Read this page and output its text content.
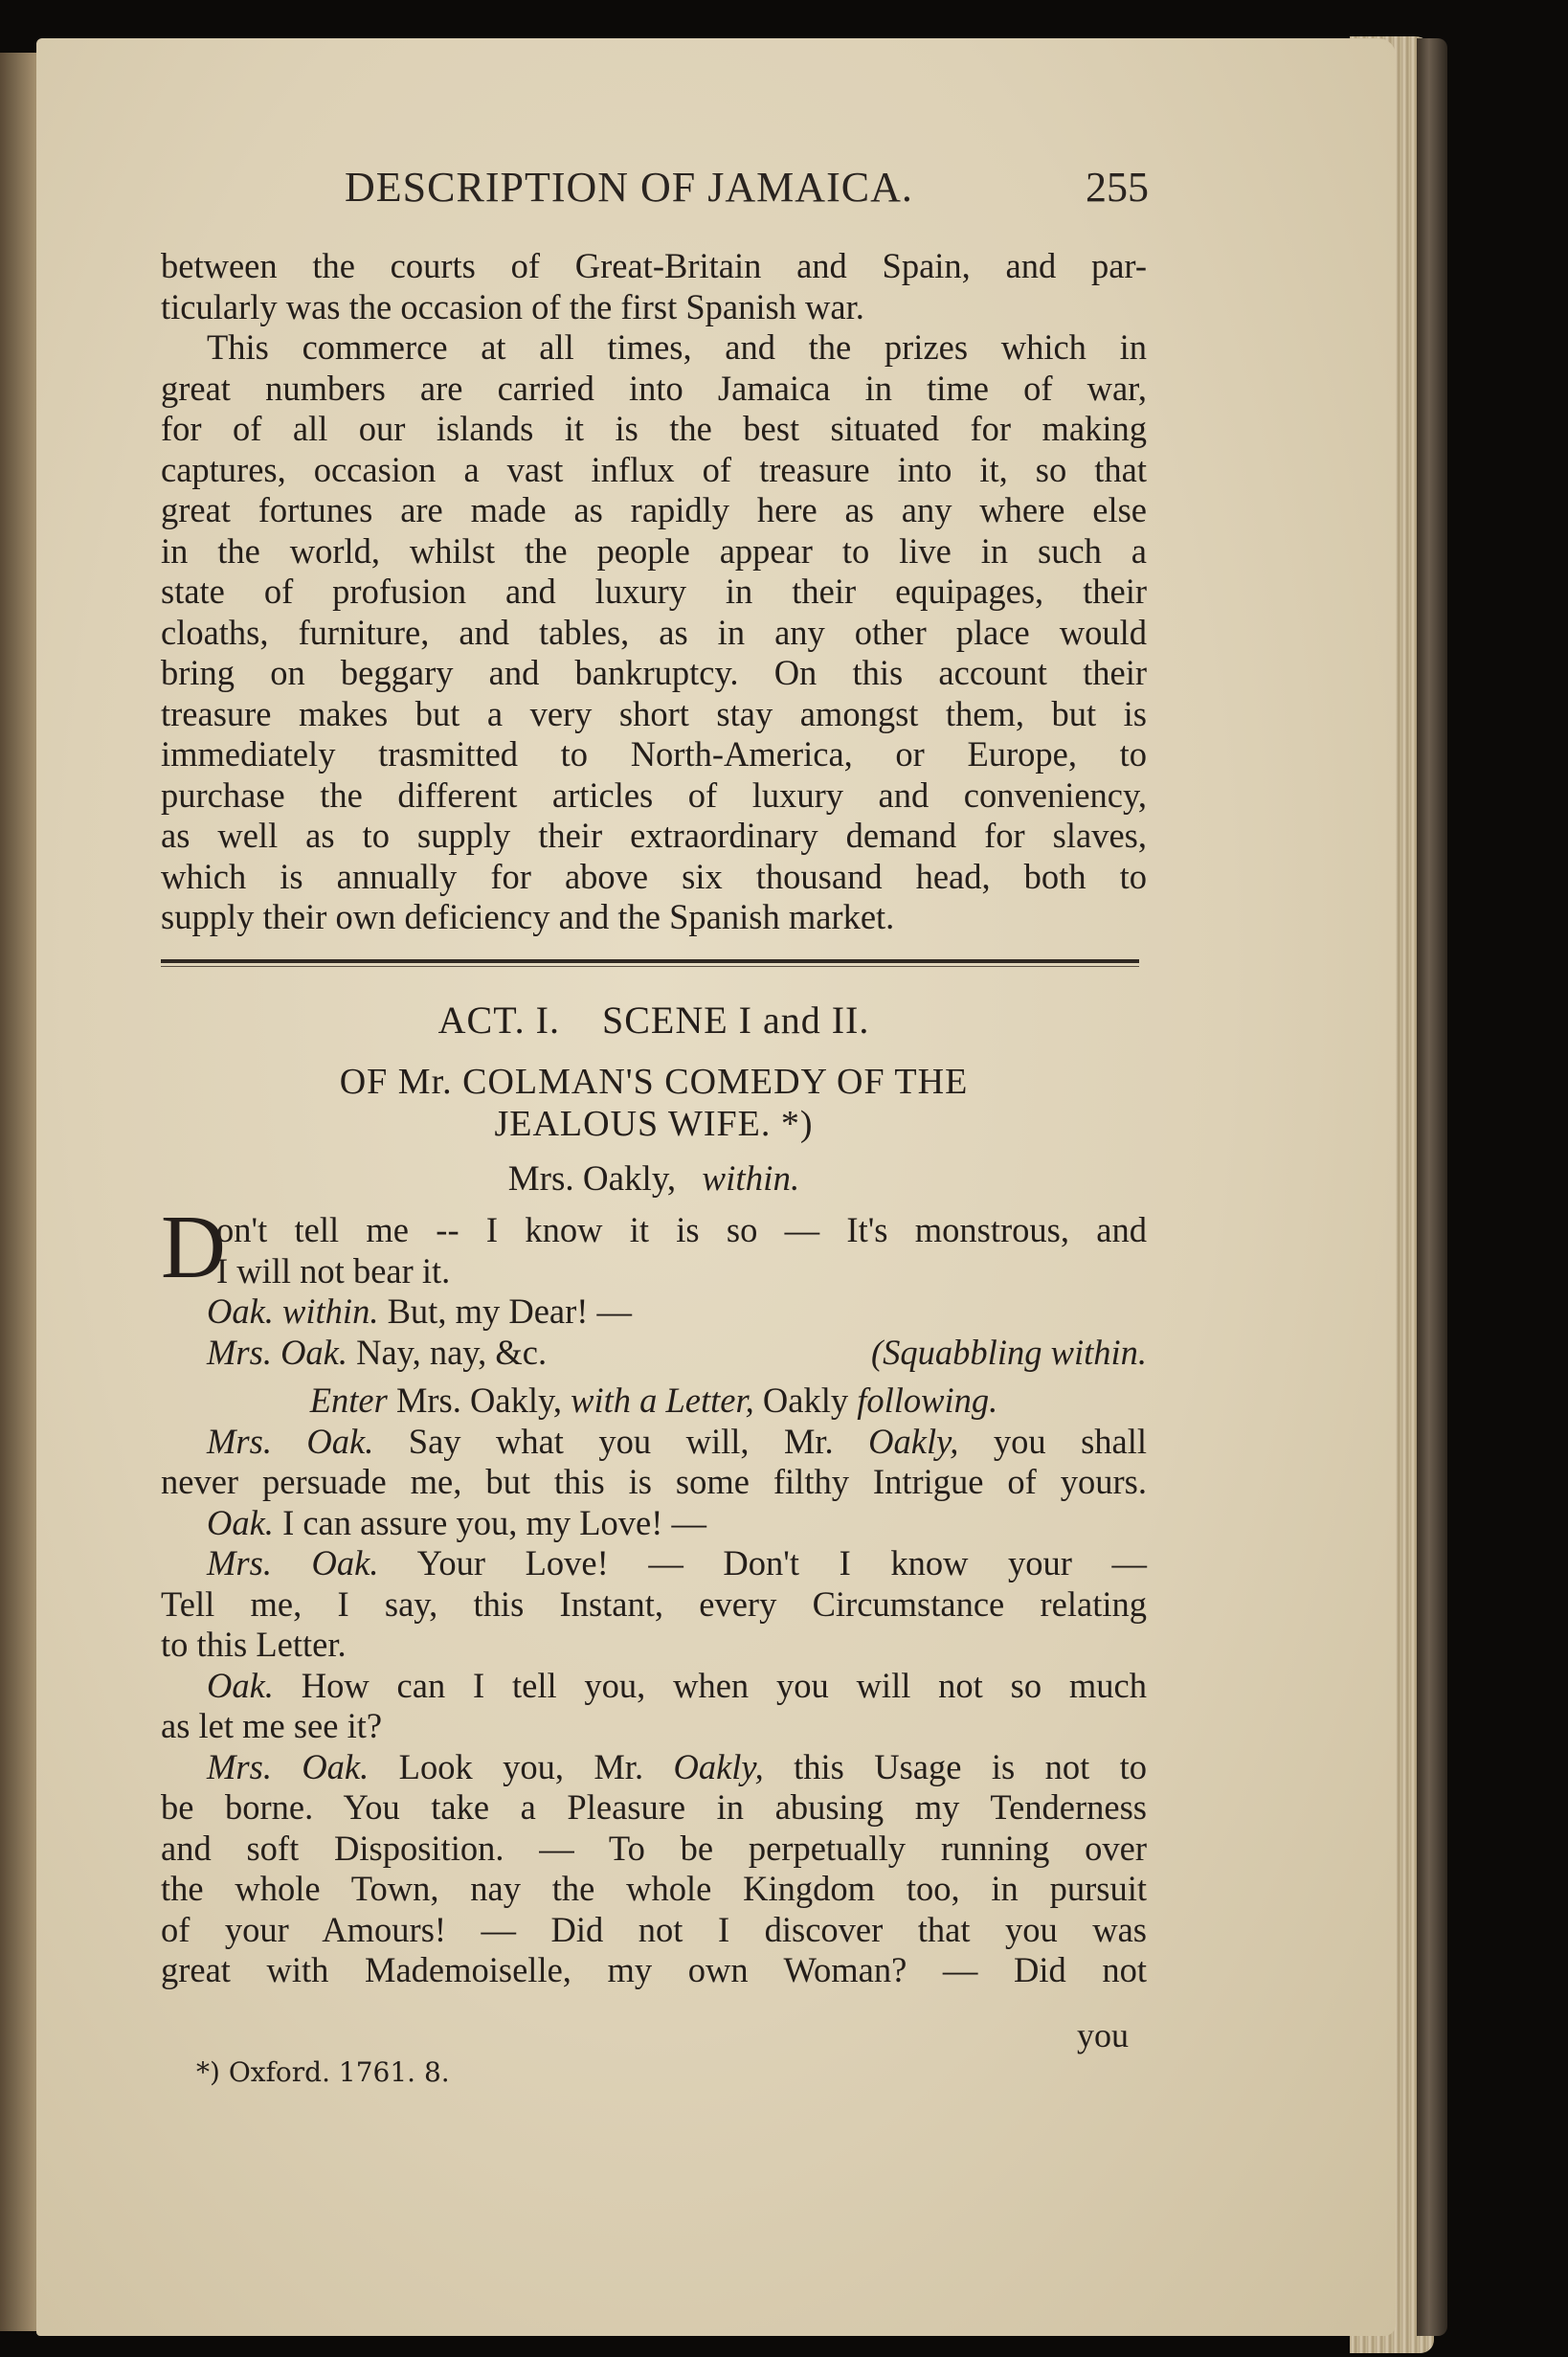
DESCRIPTION OF JAMAICA.	255
between the courts of Great-Britain and Spain, and par-
ticularly was the occasion of the first Spanish war.
This commerce at all times, and the prizes which in
great numbers are carried into Jamaica in time of war,
for of all our islands it is the best situated for making
captures, occasion a vast influx of treasure into it, so that
great fortunes are made as rapidly here as any where else
in the world, whilst the people appear to live in such a
state of profusion and luxury in their equipages, their
cloaths, furniture, and tables, as in any other place would
bring on beggary and bankruptcy. On this account their
treasure makes but a very short stay amongst them, but is
immediately trasmitted to North-America, or Europe, to
purchase the different articles of luxury and conveniency,
as well as to supply their extraordinary demand for slaves,
which is annually for above six thousand head, both to
supply their own deficiency and the Spanish market.
ACT. I.    SCENE I and II.
OF Mr. COLMAN'S COMEDY OF THE
JEALOUS WIFE. *)
Mrs. Oakly, within.
D
on't tell me -- I know it is so — It's monstrous, and
I will not bear it.
Oak. within. But, my Dear! —
Mrs. Oak. Nay, nay, &c.	(Squabbling within.
Enter Mrs. Oakly, with a Letter, Oakly following.
Mrs. Oak. Say what you will, Mr. Oakly, you shall
never persuade me, but this is some filthy Intrigue of yours.
Oak. I can assure you, my Love! —
Mrs. Oak. Your Love! — Don't I know your —
Tell me, I say, this Instant, every Circumstance relating
to this Letter.
Oak. How can I tell you, when you will not so much
as let me see it?
Mrs. Oak. Look you, Mr. Oakly, this Usage is not to
be borne. You take a Pleasure in abusing my Tenderness
and soft Disposition. — To be perpetually running over
the whole Town, nay the whole Kingdom too, in pursuit
of your Amours! — Did not I discover that you was
great with Mademoiselle, my own Woman? — Did not
you
*) Oxford. 1761. 8.
